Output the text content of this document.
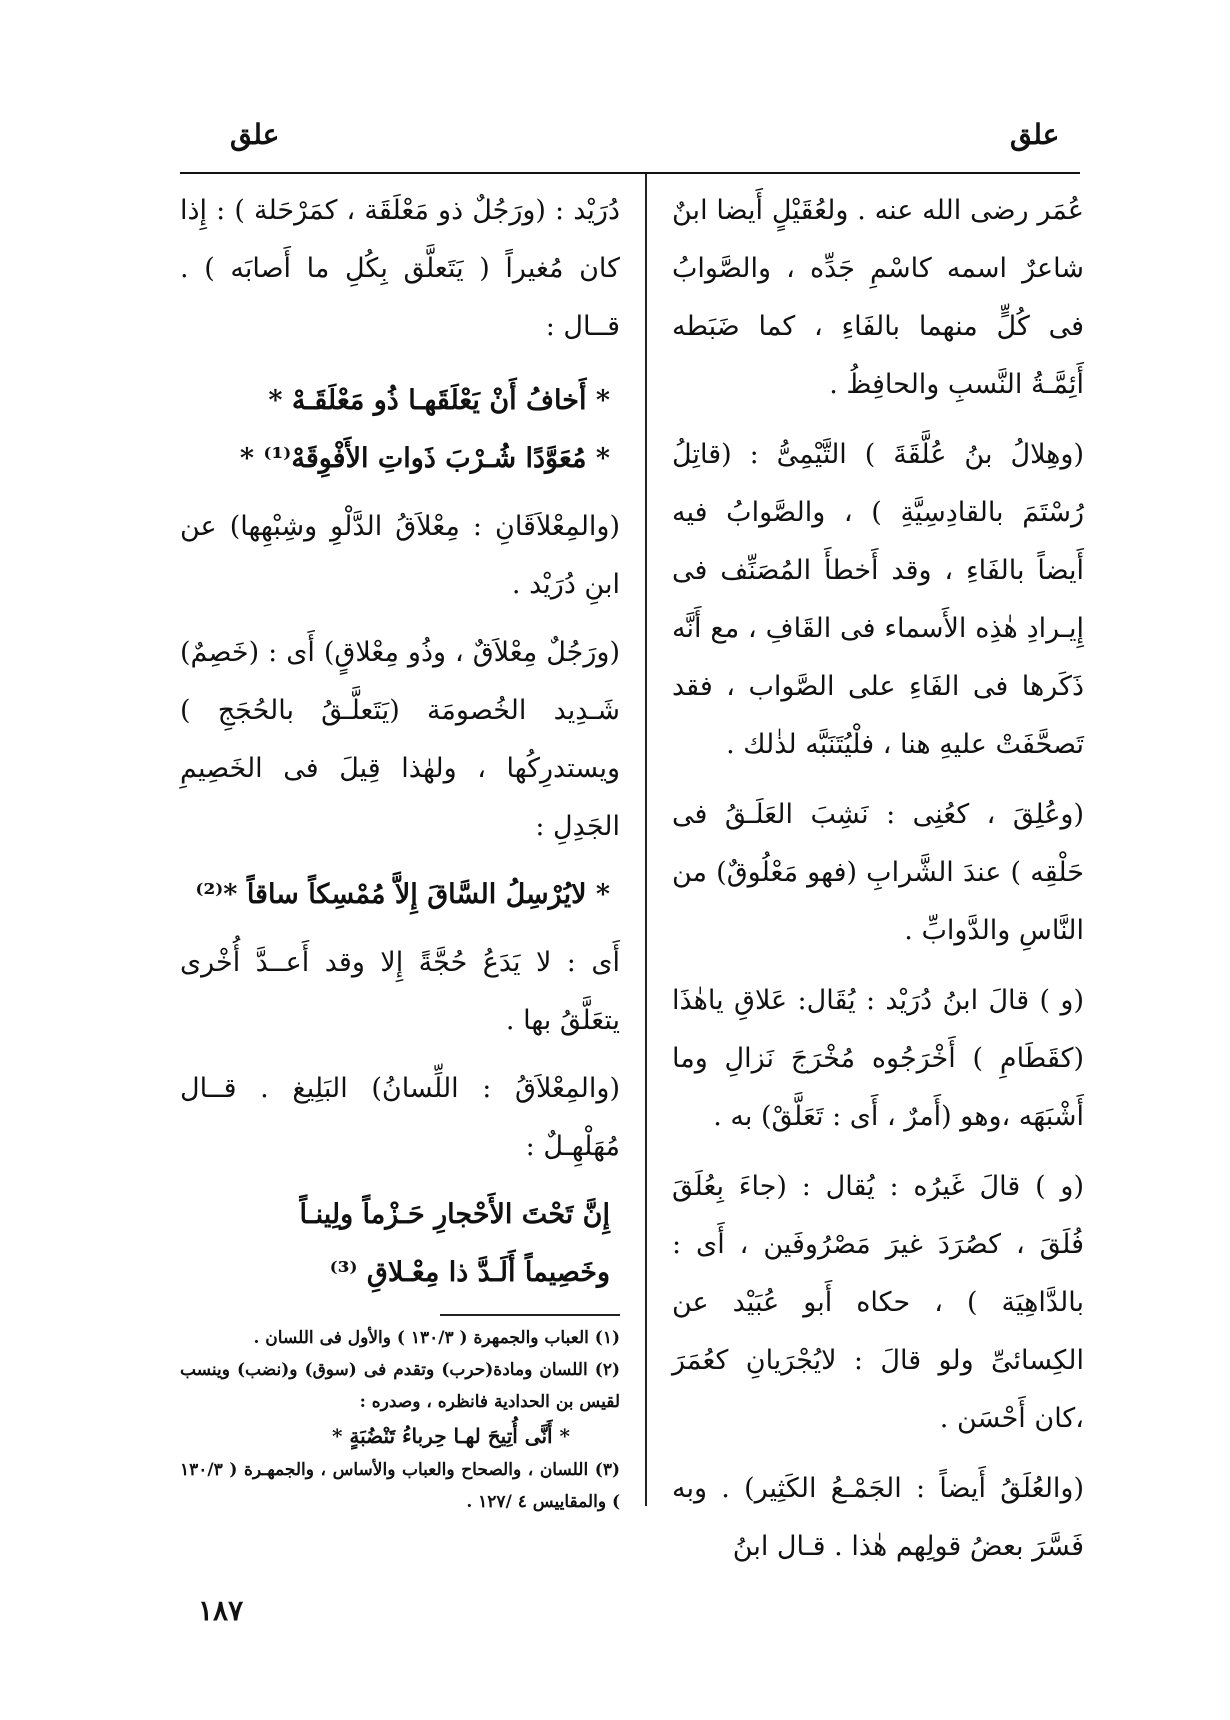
علق
علق

عُمَر رضى الله عنه . ولعُقَيْلٍ أَيضا ابنٌ شاعرٌ اسمه كاسْمِ جَدِّه ، والصَّوابُ فى كُلٍّ منهما بالفَاءِ ، كما ضَبَطه أَئِمَّـةُ النَّسبِ والحافِظُ .

(وهِلالُ بنُ عُلَّقَةَ ) التَّيْمِىُّ : (قاتِلُ رُسْتَمَ بالقادِسِيَّةِ ) ، والصَّوابُ فيه أَيضاً بالفَاءِ ، وقد أَخطأَ المُصَنِّف فى إِيـرادِ هٰذِه الأَسماء فى القَافِ ، مع أَنَّه ذَكَرها فى الفَاءِ على الصَّواب ، فقد تَصحَّفَتْ عليهِ هنا ، فلْيُتَنَبَّه لذٰلك .

(وعُلِقَ ، كعُنِى : نَشِبَ العَلَـقُ فى حَلْقِه ) عندَ الشَّرابِ (فهو مَعْلُوقٌ) من النَّاسِ والدَّوابِّ .

(و ) قالَ ابنُ دُرَيْد : يُقَال: عَلاقِ ياهٰذَا (كقَطَامِ ) أَخْرَجُوه مُخْرَجَ نَزالِ وما أَشْبَهَه ،وهو (أَمرٌ ، أَى : تَعَلَّقْ) به .

(و ) قالَ غَيرُه : يُقال : (جاءَ بِعُلَقَ فُلَقَ ، كصُرَدَ غيرَ مَصْرُوفَين ، أَى : بالدَّاهِيَة ) ، حكاه أَبو عُبَيْد عن الكِسائىِّ ولو قالَ : لايُجْرَيانِ كعُمَرَ ،كان أَحْسَن .

(والعُلَقُ أَيضاً : الجَمْـعُ الكَثِير) . وبه فَسَّرَ بعضُ قولِهم هٰذا . قـال ابنُ

دُرَيْد : (ورَجُلٌ ذو مَعْلَقَة ، كمَرْحَلة ) : إِذا كان مُغيراً ( يَتَعلَّق بِكُلِ ما أَصابَه ) . قــال :

* أَخافُ أَنْ يَعْلَقَهـا ذُو مَعْلَقَـهْ *

* مُعَوَّدًا شُـرْبَ ذَواتِ الأَفْوِقَهْ⁽¹⁾ *

(والمِعْلاَقَانِ : مِعْلاَقُ الدَّلْوِ وشِبْهِها) عن ابنِ دُرَيْد .

(ورَجُلٌ مِعْلاَقٌ ، وذُو مِعْلاقٍ) أَى : (خَصِمٌ) شَـدِيد الخُصومَة (يَتَعلَّـقُ بالحُجَجِ ) ويستدرِكُها ، ولهٰذا قِيلَ فى الخَصِيمِ الجَدِلِ :

* لايُرْسِلُ السَّاقَ إِلاَّ مُمْسِكاً ساقاً *⁽²⁾

أَى : لا يَدَعُ حُجَّةً إِلا وقد أَعــدَّ أُخْرى يتعَلَّقُ بها .

(والمِعْلاَقُ : اللِّسانُ) البَلِيغ . قــال مُهَلْهِـلٌ :

إِنَّ تَحْتَ الأَحْجارِ حَـزْماً ولِينـاً

وخَصِيماً أَلَـدَّ ذا مِعْـلاقِ ⁽³⁾

(١) العباب والجمهرة ( ١٣٠/٣ ) والأول فى اللسان .

(٢) اللسان ومادة(حرب) وتقدم فى (سوق) و(نضب) وينسب لقيس بن الحدادية فانظره ، وصدره :

* أَنَّى أُتِيحَ لهـا حِرباءُ تَنْضُبَةٍ *

(٣) اللسان ، والصحاح والعباب والأساس ، والجمهـرة ( ١٣٠/٣ ) والمقاييس ٤ /١٢٧ .

١٨٧
